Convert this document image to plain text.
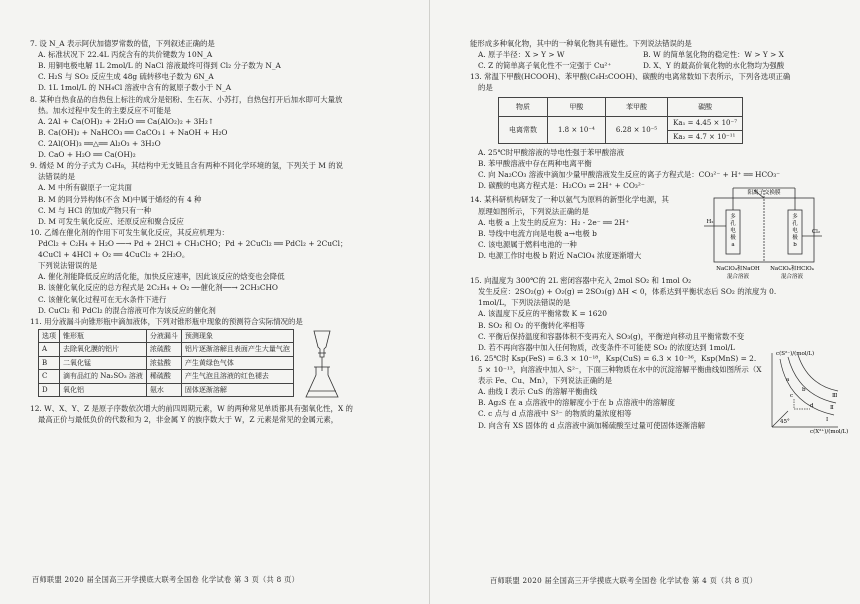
7. 设 N_A 表示阿伏加德罗常数的值，下列叙述正确的是
A. 标准状况下 22.4L 丙烷含有的共价键数为 10N_A
B. 用铜电极电解 1L 2mol/L 的 NaCl 溶液最终可得到 Cl₂ 分子数为 N_A
C. H₂S 与 SO₂ 反应生成 48g 硫转移电子数为 6N_A
D. 1L 1mol/L 的 NH₄Cl 溶液中含有的氮原子数小于 N_A
8. 某种自热食品的自热包上标注的成分是铝粉、生石灰、小苏打，自热包打开后加水即可大量放
热。加水过程中发生的主要反应不可能是
A. 2Al + Ca(OH)₂ + 2H₂O ══ Ca(AlO₂)₂ + 3H₂↑
B. Ca(OH)₂ + NaHCO₃ ══ CaCO₃↓ + NaOH + H₂O
C. 2Al(OH)₃ ══△══ Al₂O₃ + 3H₂O
D. CaO + H₂O ══ Ca(OH)₂
9. 烯烃 M 的分子式为 C₄H₈，其结构中无支链且含有两种不同化学环境的氢，下列关于 M 的说
法错误的是
A. M 中所有碳原子一定共面
B. M 的同分异构体(不含 M)中属于烯烃的有 4 种
C. M 与 HCl 的加成产物只有一种
D. M 可发生氧化反应、还原反应和聚合反应
10. 乙烯在催化剂的作用下可发生氧化反应，其反应机理为：
PdCl₂ + C₂H₄ + H₂O ──→ Pd + 2HCl + CH₃CHO；Pd + 2CuCl₂ ══ PdCl₂ + 2CuCl；
4CuCl + 4HCl + O₂ ══ 4CuCl₂ + 2H₂O。
下列说法错误的是
A. 催化剂能降低反应的活化能，加快反应速率，因此该反应的焓变也会降低
B. 该催化氧化反应的总方程式是 2C₂H₄ + O₂ ──催化剂──→ 2CH₃CHO
C. 该催化氧化过程可在无水条件下进行
D. CuCl₂ 和 PdCl₂ 的混合溶液可作为该反应的催化剂
11. 用分液漏斗向锥形瓶中滴加液体，下列对锥形瓶中现象的预测符合实际情况的是
选项	锥形瓶	分液漏斗	预测现象
A	去除氧化膜的铝片	浓硫酸	铝片逐渐溶解且表面产生大量气泡
B	二氧化锰	浓盐酸	产生黄绿色气体
C	滴有品红的 Na₂SO₃ 溶液	稀硫酸	产生气泡且溶液的红色褪去
D	氧化铝	氨水	固体逐渐溶解
12. W、X、Y、Z 是原子序数依次增大的前四周期元素，W 的两种常见单质都具有强氧化性，X 的
最高正价与最低负价的代数和为 2，非金属 Y 的族序数大于 W，Z 元素是常见的金属元素，
百师联盟 2020 届全国高三开学摸底大联考全国卷 化学试卷 第 3 页（共 8 页）
能形成多种氧化物，其中的一种氧化物具有磁性。下列说法错误的是
A. 原子半径：X > Y > W	B. W 的简单氢化物的稳定性：W > Y > X
C. Z 的简单离子氧化性不一定强于 Cu²⁺	D. X、Y 的最高价氧化物的水化物均为强酸
13. 常温下甲酸(HCOOH)、苯甲酸(C₆H₅COOH)、碳酸的电离常数如下表所示，下列各选项正确
的是
物质	甲酸	苯甲酸	碳酸
电离常数	1.8 × 10⁻⁴	6.28 × 10⁻⁵	Ka₁ = 4.45 × 10⁻⁷
			Ka₂ = 4.7 × 10⁻¹¹
A. 25℃时甲酸溶液的导电性强于苯甲酸溶液
B. 苯甲酸溶液中存在两种电离平衡
C. 向 Na₂CO₃ 溶液中滴加少量甲酸溶液发生反应的离子方程式是：CO₃²⁻ + H⁺ ══ HCO₃⁻
D. 碳酸的电离方程式是：H₂CO₃ ⇌ 2H⁺ + CO₃²⁻
14. 某科研机构研发了一种以氨气为原料的新型化学电源，其
原理如图所示，下列说法正确的是
A. 电极 a 上发生的反应为：H₂ - 2e⁻ ══ 2H⁺
B. 导线中电流方向是电极 a→电极 b
C. 该电源属于燃料电池的一种
D. 电源工作时电极 b 附近 NaClO₄ 浓度逐渐增大
阳离子交换膜
多
孔
电
极
a
多
孔
电
极
b
H₂
Cl₂
NaClO₄和NaOH
混合溶液
NaClO₄和HClO₄
混合溶液
15. 向温度为 300℃的 2L 密闭容器中充入 2mol SO₂ 和 1mol O₂
发生反应：2SO₂(g) + O₂(g) ⇌ 2SO₃(g) ΔH < 0，体系达到平衡状态后 SO₂ 的浓度为 0.
1mol/L，下列说法错误的是
A. 该温度下反应的平衡常数 K = 1620
B. SO₂ 和 O₂ 的平衡转化率相等
C. 平衡后保持温度和容器体积不变再充入 SO₃(g)，平衡逆向移动且平衡常数不变
D. 若不再向容器中加入任何物质，改变条件不可能使 SO₂ 的浓度达到 1mol/L
16. 25℃时 Ksp(FeS) = 6.3 × 10⁻¹⁸，Ksp(CuS) = 6.3 × 10⁻³⁶，Ksp(MnS) = 2.
5 × 10⁻¹³，向溶液中加入 S²⁻，下面三种物质在水中的沉淀溶解平衡曲线如图所示（X
表示 Fe、Cu、Mn），下列说法正确的是
A. 曲线 Ⅰ 表示 CuS 的溶解平衡曲线
B. Ag₂S 在 a 点溶液中的溶解度小于在 b 点溶液中的溶解度
C. c 点与 d 点溶液中 S²⁻ 的物质的量浓度相等
D. 向含有 XS 固体的 d 点溶液中滴加稀硫酸至过量可使固体逐渐溶解
c(S²⁻)/(mol/L)
c(X²⁺)/(mol/L)
45°	Ⅰ
Ⅱ
Ⅲ
a
b
c
d
百师联盟 2020 届全国高三开学摸底大联考全国卷 化学试卷 第 4 页（共 8 页）
